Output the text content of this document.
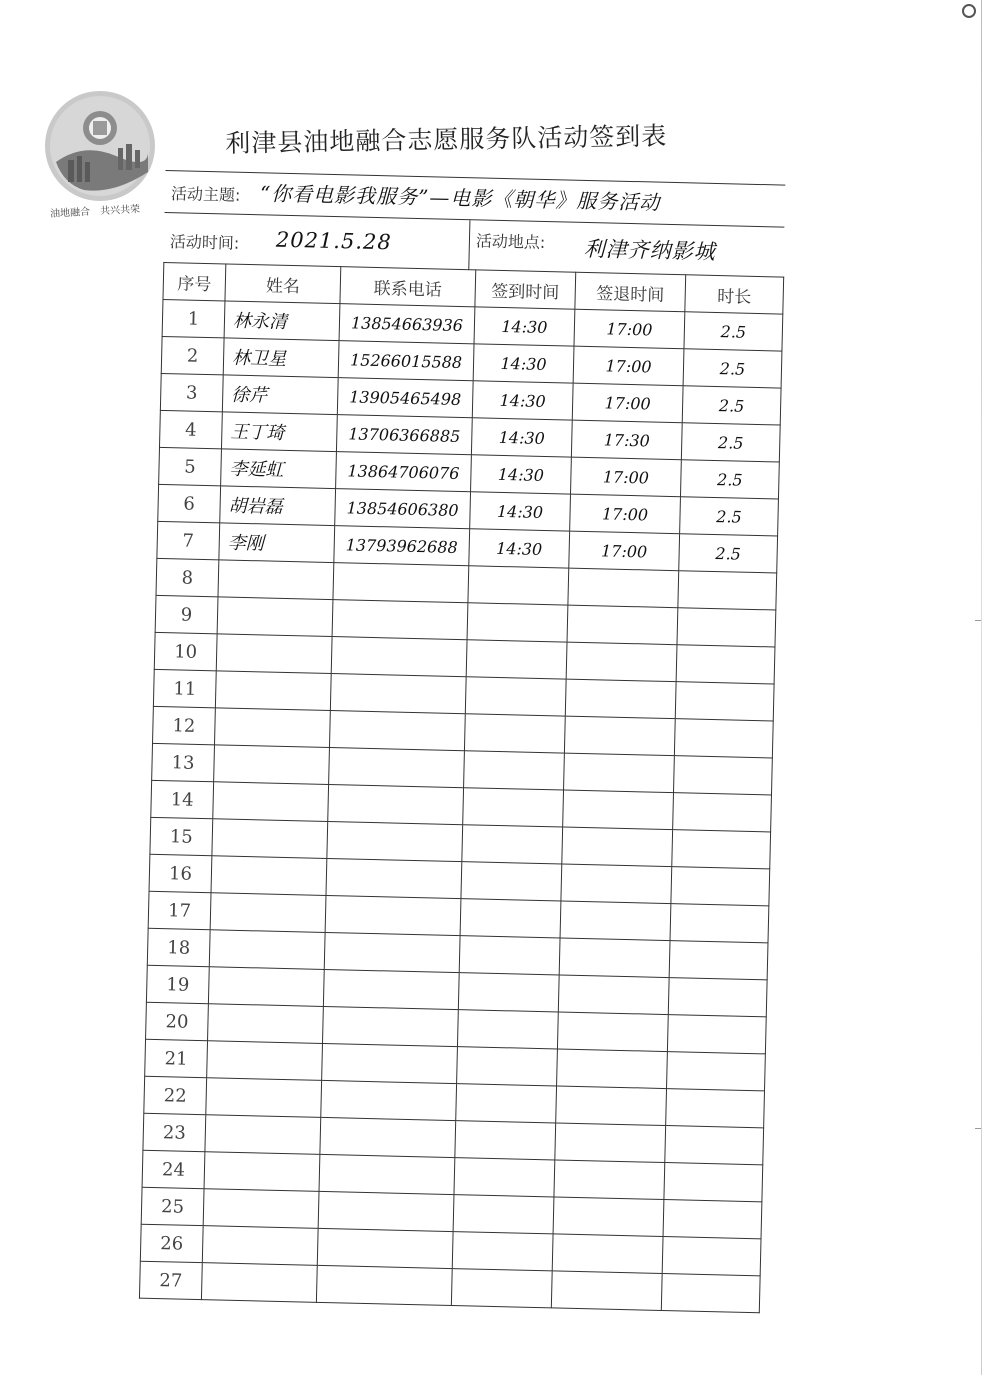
油地融合　共兴共荣
利津县油地融合志愿服务队活动签到表
活动主题: “你看电影我服务”—电影《朝华》服务活动
活动时间: 2021.5.28	活动地点: 利津齐纳影城
序号	姓名	联系电话	签到时间	签退时间	时长
1	林永清	13854663936	14:30	17:00	2.5
2	林卫星	15266015588	14:30	17:00	2.5
3	徐芹	13905465498	14:30	17:00	2.5
4	王丁琦	13706366885	14:30	17:30	2.5
5	李延虹	13864706076	14:30	17:00	2.5
6	胡岩磊	13854606380	14:30	17:00	2.5
7	李刚	13793962688	14:30	17:00	2.5
8					
9					
10					
11					
12					
13					
14					
15					
16					
17					
18					
19					
20					
21					
22					
23					
24					
25					
26					
27					
